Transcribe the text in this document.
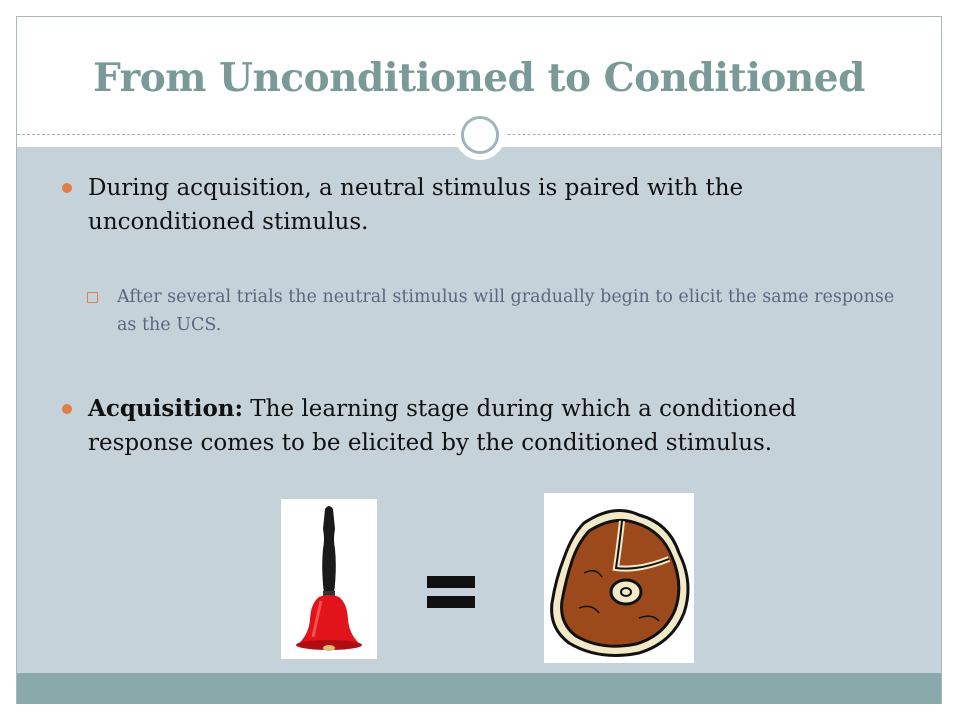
From Unconditioned to Conditioned
During acquisition, a neutral stimulus is paired with the unconditioned stimulus.
After several trials the neutral stimulus will gradually begin to elicit the same response as the UCS.
Acquisition: The learning stage during which a conditioned response comes to be elicited by the conditioned stimulus.
